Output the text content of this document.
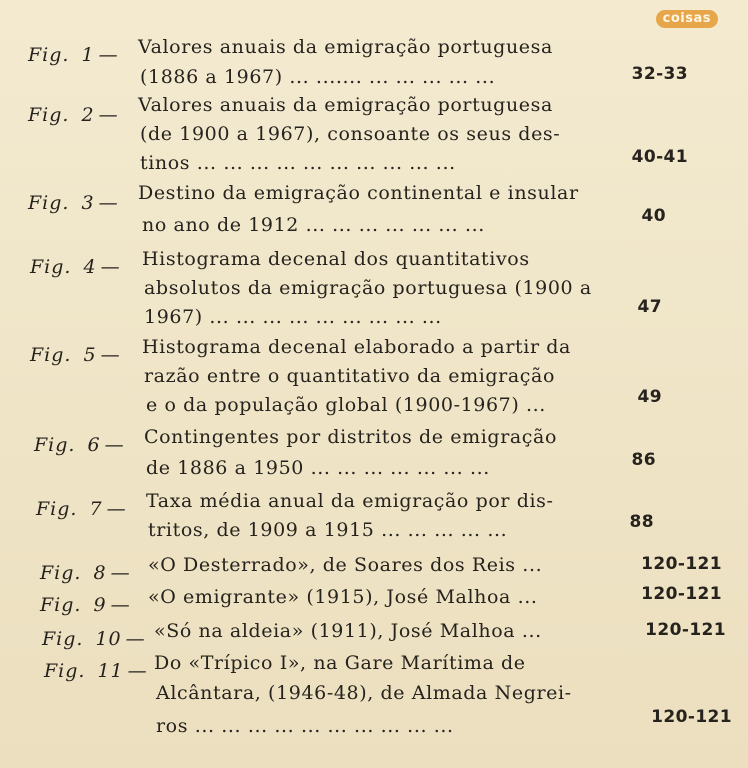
coisas
Fig. 1 — Valores anuais da emigração portuguesa
(1886 a 1967) ... ....... ... ... ... ... ...	32-33
Fig. 2 — Valores anuais da emigração portuguesa
(de 1900 a 1967), consoante os seus des-
tinos ... ... ... ... ... ... ... ... ... ...	40-41
Fig. 3 — Destino da emigração continental e insular
no ano de 1912 ... ... ... ... ... ... ...	40
Fig. 4 — Histograma decenal dos quantitativos
absolutos da emigração portuguesa (1900 a
1967) ... ... ... ... ... ... ... ... ...	47
Fig. 5 — Histograma decenal elaborado a partir da
razão entre o quantitativo da emigração
e o da população global (1900-1967) ...	49
Fig. 6 — Contingentes por distritos de emigração
de 1886 a 1950 ... ... ... ... ... ... ...	86
Fig. 7 — Taxa média anual da emigração por dis-
tritos, de 1909 a 1915 ... ... ... ... ...	88
Fig. 8 — «O Desterrado», de Soares dos Reis ...	120-121
Fig. 9 — «O emigrante» (1915), José Malhoa ...	120-121
Fig. 10 — «Só na aldeia» (1911), José Malhoa ...	120-121
Fig. 11 — Do «Trípico I», na Gare Marítima de
Alcântara, (1946-48), de Almada Negrei-
ros ... ... ... ... ... ... ... ... ... ...	120-121
